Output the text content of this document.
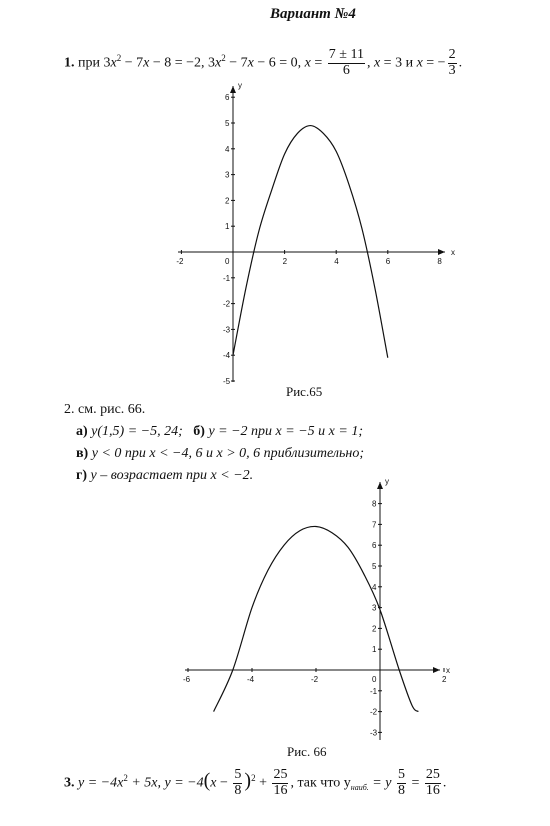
Вариант №4
1. при $3x^2 - 7x - 8 = -2$, $3x^2 - 7x - 6 = 0$, $x = \frac{7 \pm 11}{6}$ , x = 3 и x = − $\frac{2}{3}$ .
x
y
-2	0	2	4	6	8
6
5
4
3
2
1
-1
-2
-3
-4
-5
Рис.65
2. см. рис. 66.
а) y(1,5) = −5, 24; б) y = −2 при x = −5 и x = 1;
в) y < 0 при x < −4, 6 и x > 0, 6 приблизительно;
г) y – возрастает при x < −2.
x
y
-6	-4	-2	0	2
8
7
6
5
4
3
2
1
-1
-2
-3
Рис. 66
3. $y = -4x^2 + 5x$, $y = -4(x - \frac{5}{8} )^2 + \frac{25}{16}$ , так что $y_{наиб.} = y \frac{5}{8} = \frac{25}{16}$ .
